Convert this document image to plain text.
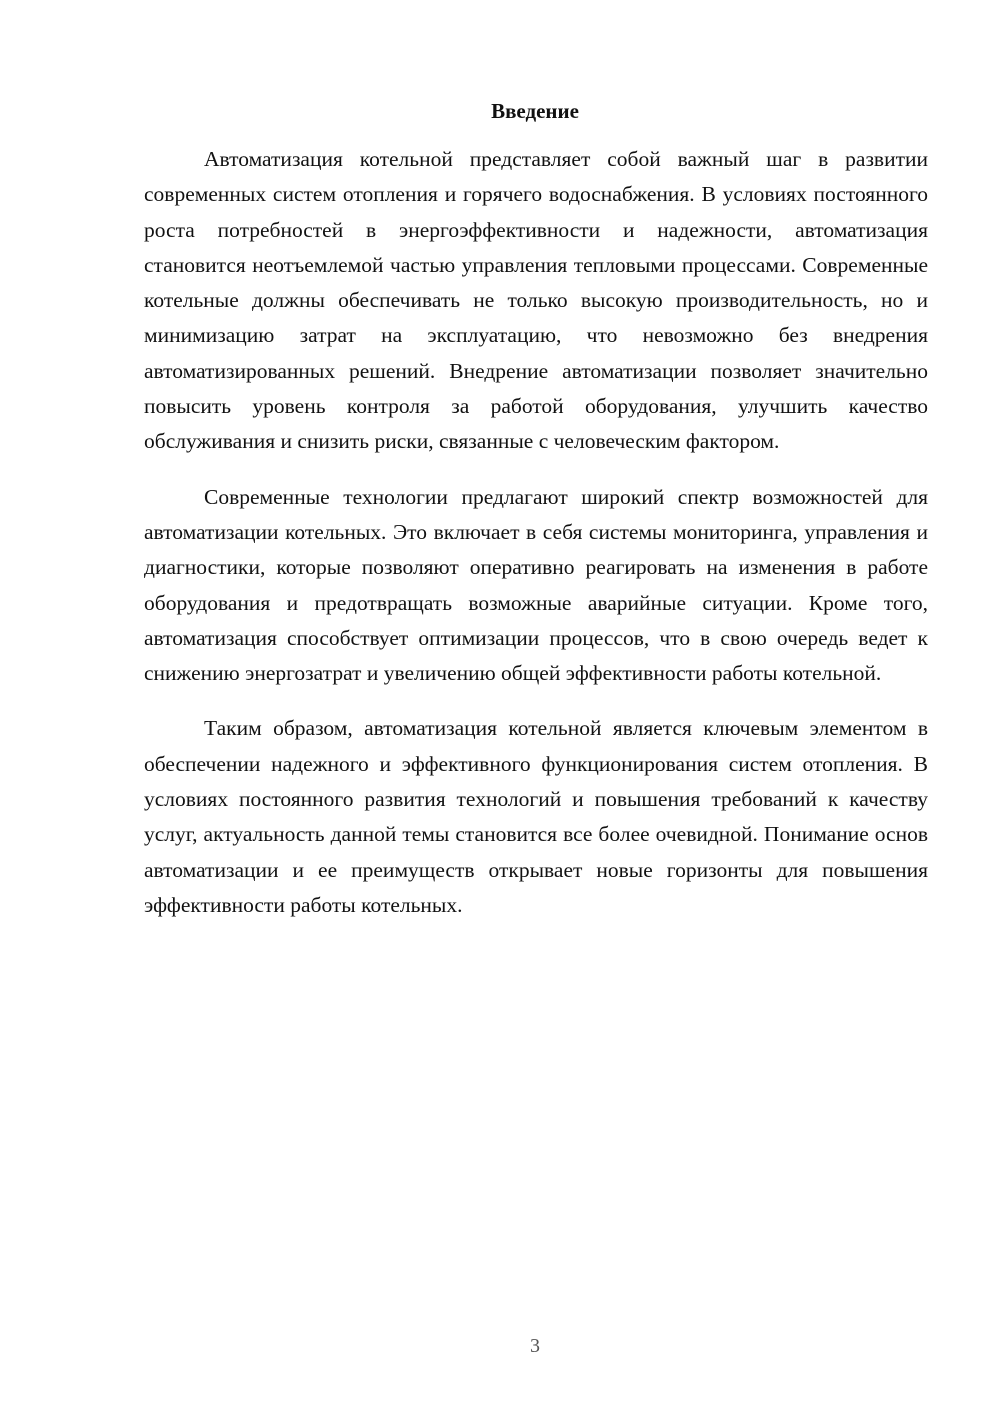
Введение

Автоматизация котельной представляет собой важный шаг в развитии современных систем отопления и горячего водоснабжения. В условиях постоянного роста потребностей в энергоэффективности и надежности, автоматизация становится неотъемлемой частью управления тепловыми процессами. Современные котельные должны обеспечивать не только высокую производительность, но и минимизацию затрат на эксплуатацию, что невозможно без внедрения автоматизированных решений. Внедрение автоматизации позволяет значительно повысить уровень контроля за работой оборудования, улучшить качество обслуживания и снизить риски, связанные с человеческим фактором.

Современные технологии предлагают широкий спектр возможностей для автоматизации котельных. Это включает в себя системы мониторинга, управления и диагностики, которые позволяют оперативно реагировать на изменения в работе оборудования и предотвращать возможные аварийные ситуации. Кроме того, автоматизация способствует оптимизации процессов, что в свою очередь ведет к снижению энергозатрат и увеличению общей эффективности работы котельной.

Таким образом, автоматизация котельной является ключевым элементом в обеспечении надежного и эффективного функционирования систем отопления. В условиях постоянного развития технологий и повышения требований к качеству услуг, актуальность данной темы становится все более очевидной. Понимание основ автоматизации и ее преимуществ открывает новые горизонты для повышения эффективности работы котельных.

3
